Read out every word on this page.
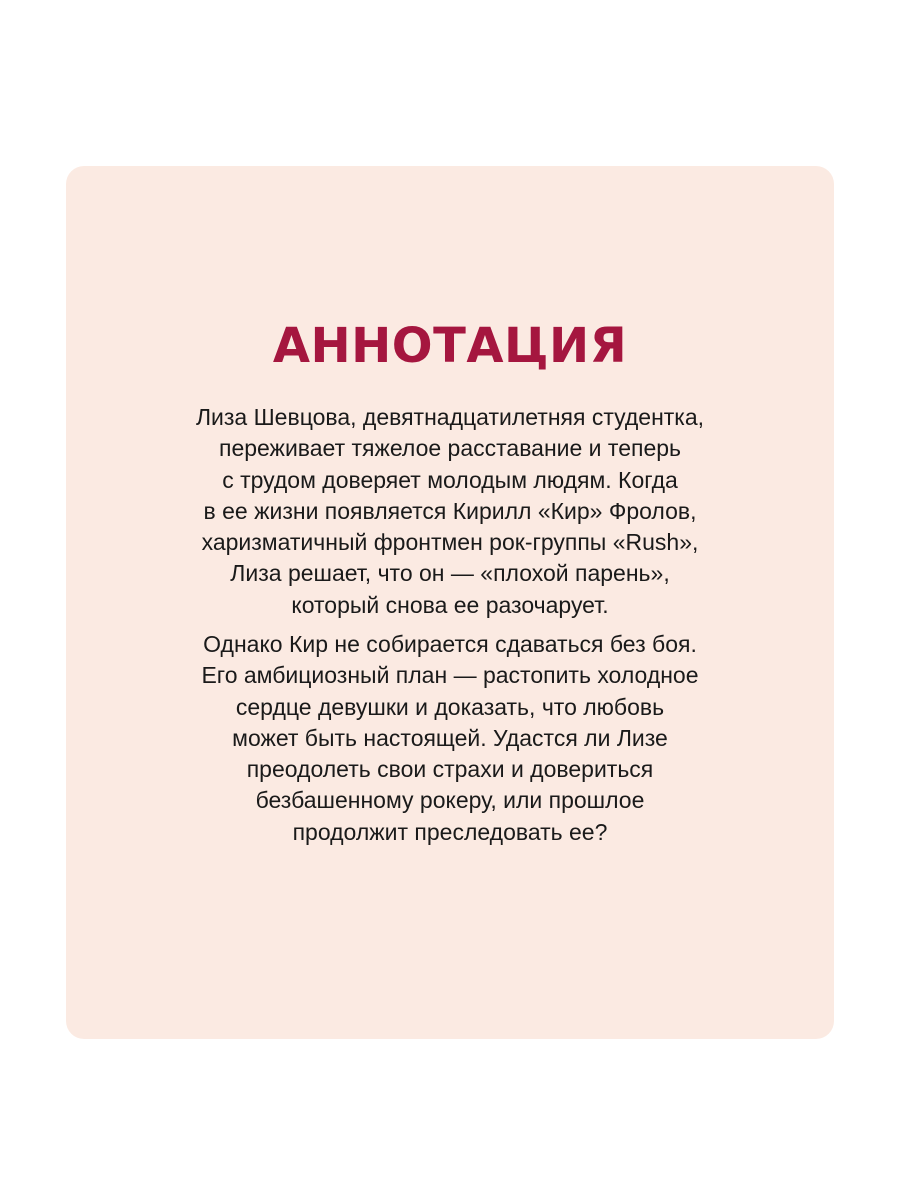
АННОТАЦИЯ

Лиза Шевцова, девятнадцатилетняя студентка,
переживает тяжелое расставание и теперь
с трудом доверяет молодым людям. Когда
в ее жизни появляется Кирилл «Кир» Фролов,
харизматичный фронтмен рок-группы «Rush»,
Лиза решает, что он — «плохой парень»,
который снова ее разочарует.

Однако Кир не собирается сдаваться без боя.
Его амбициозный план — растопить холодное
сердце девушки и доказать, что любовь
может быть настоящей. Удастся ли Лизе
преодолеть свои страхи и довериться
безбашенному рокеру, или прошлое
продолжит преследовать ее?
